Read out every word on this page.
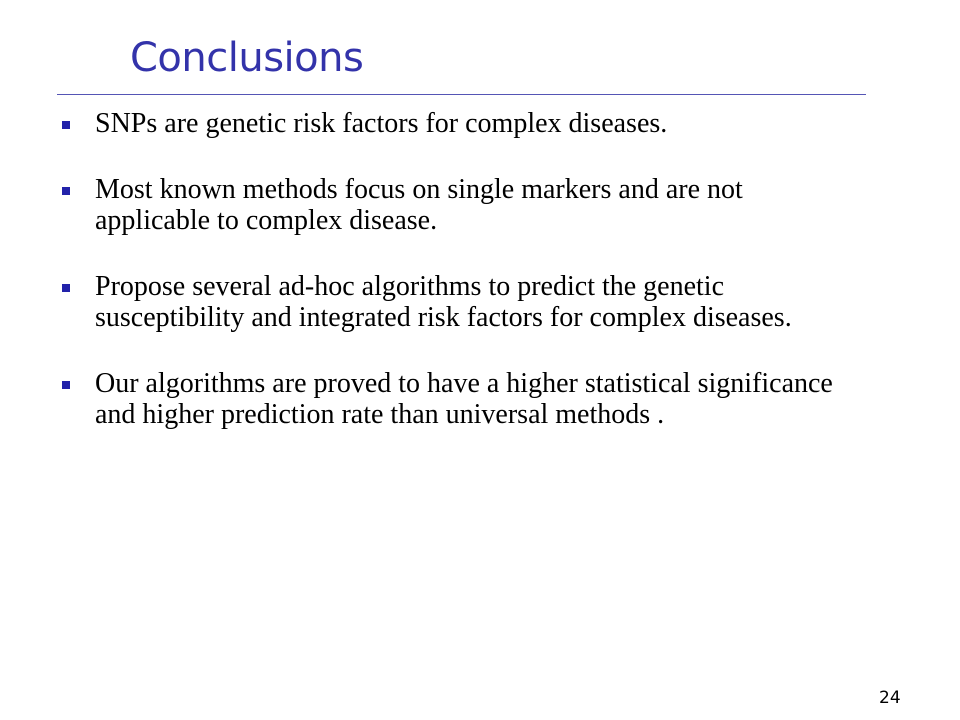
Conclusions
SNPs are genetic risk factors for complex diseases.
Most known methods focus on single markers and are not applicable to complex disease.
Propose several ad-hoc algorithms to predict the genetic susceptibility and integrated risk factors for complex diseases.
Our algorithms are proved to have a higher statistical significance and higher prediction rate than universal methods .
24
